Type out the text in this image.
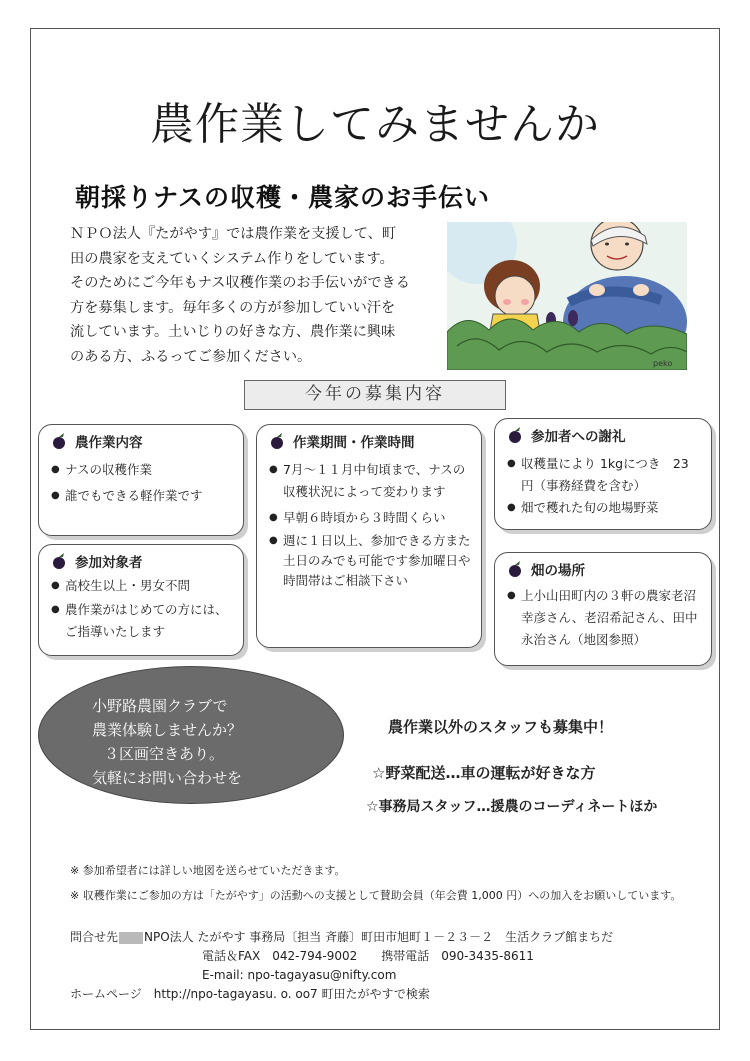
農作業してみませんか
朝採りナスの収穫・農家のお手伝い
ＮＰＯ法人『たがやす』では農作業を支援して、町
田の農家を支えていくシステム作りをしています。
そのためにご今年もナス収穫作業のお手伝いができる
方を募集します。毎年多くの方が参加していい汗を
流しています。土いじりの好きな方、農作業に興味
のある方、ふるってご参加ください。	peko
今年の募集内容
農作業内容
● ナスの収穫作業
● 誰でもできる軽作業です
参加対象者
● 高校生以上・男女不問
● 農作業がはじめての方には、ご指導いたします
作業期間・作業時間
● 7月～１１月中旬頃まで、ナスの収穫状況によって変わります
● 早朝６時頃から３時間くらい
● 週に１日以上、参加できる方また土日のみでも可能です参加曜日や時間帯はご相談下さい
参加者への謝礼
● 収穫量により 1kgにつき　23 円（事務経費を含む）
● 畑で穫れた旬の地場野菜
畑の場所
● 上小山田町内の３軒の農家老沼幸彦さん、老沼希記さん、田中永治さん（地図参照）
小野路農園クラブで
農業体験しませんか？
３区画空きあり。
気軽にお問い合わせを
農作業以外のスタッフも募集中！
☆野菜配送…車の運転が好きな方
☆事務局スタッフ…援農のコーディネートほか
※ 参加希望者には詳しい地図を送らせていただきます。
※ 収穫作業にご参加の方は「たがやす」の活動への支援として賛助会員（年会費 1,000 円）への加入をお願いしています。
問合せ先 NPO法人 たがやす 事務局〔担当 斉藤〕町田市旭町１－２３－２　生活クラブ館まちだ
電話＆FAX　042-794-9002　　携帯電話　090-3435-8611
E-mail: npo-tagayasu@nifty.com
ホームページ　http://npo-tagayasu. o. oo7 町田たがやすで検索
